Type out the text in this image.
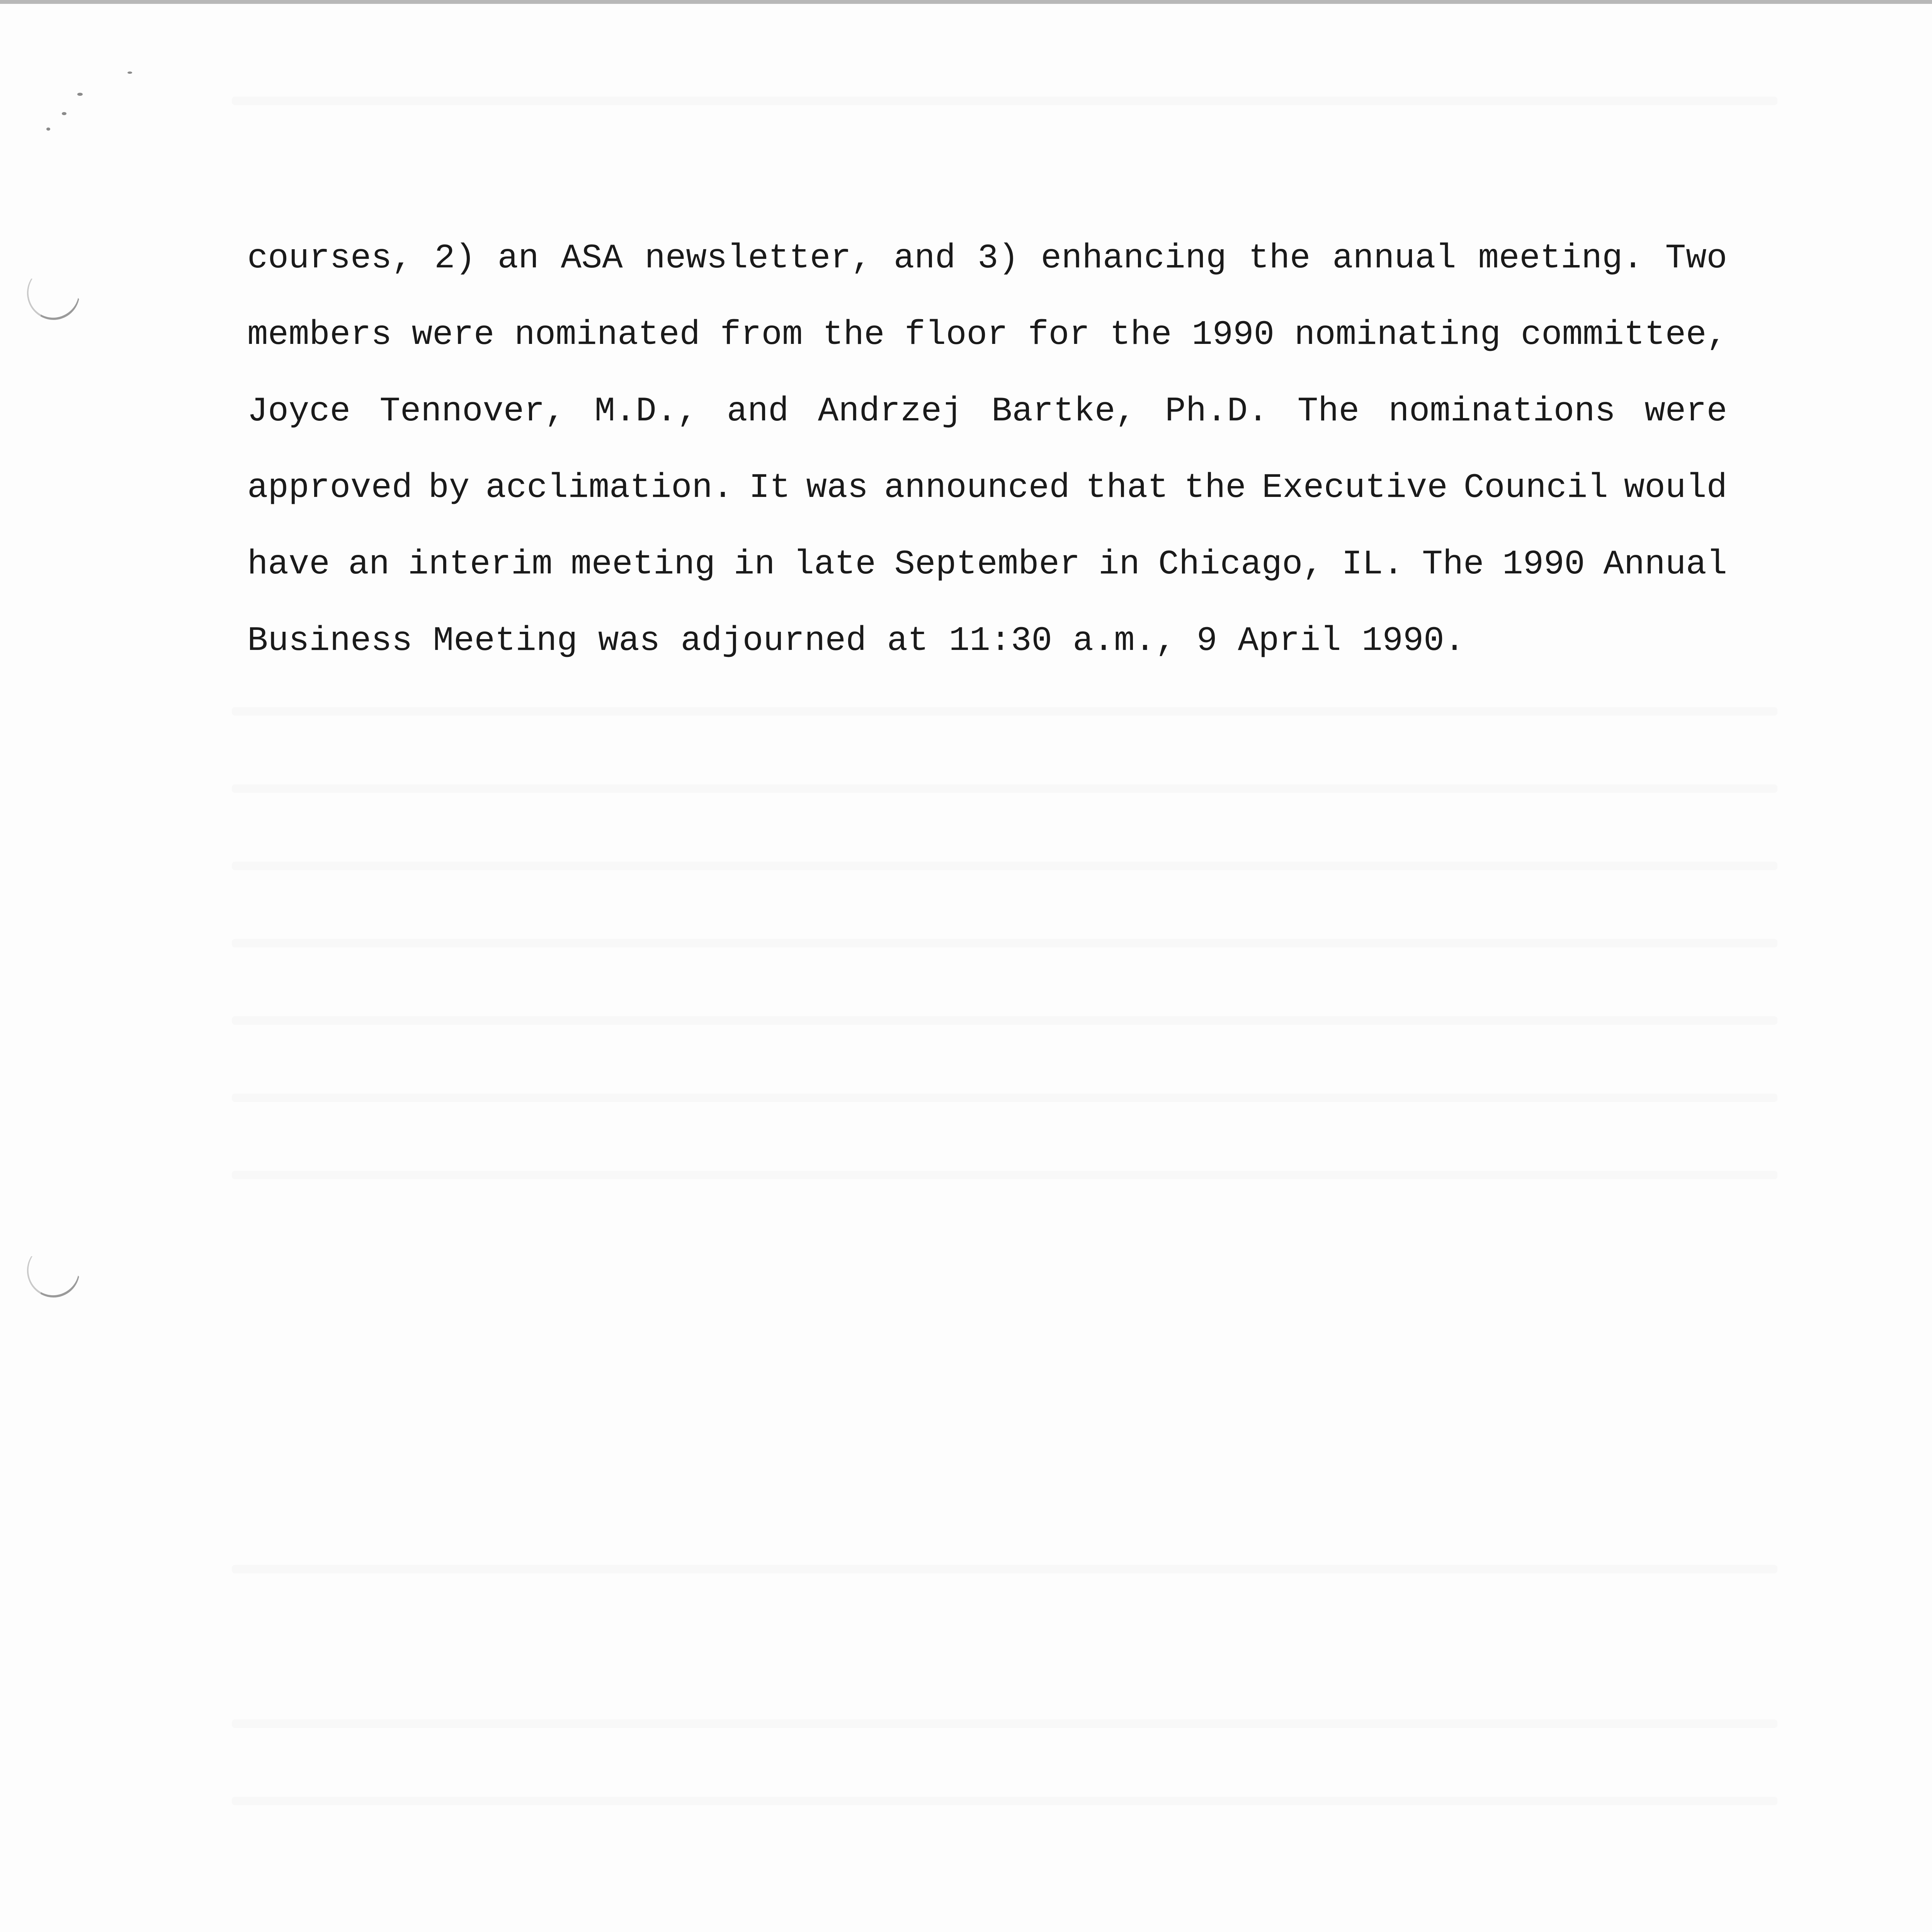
courses, 2) an ASA newsletter, and 3) enhancing the annual meeting. Two
members were nominated from the floor for the 1990 nominating committee,
Joyce Tennover, M.D., and Andrzej Bartke, Ph.D. The nominations were
approved by acclimation. It was announced that the Executive Council would
have an interim meeting in late September in Chicago, IL. The 1990 Annual
Business Meeting was adjourned at 11:30 a.m., 9 April 1990.
